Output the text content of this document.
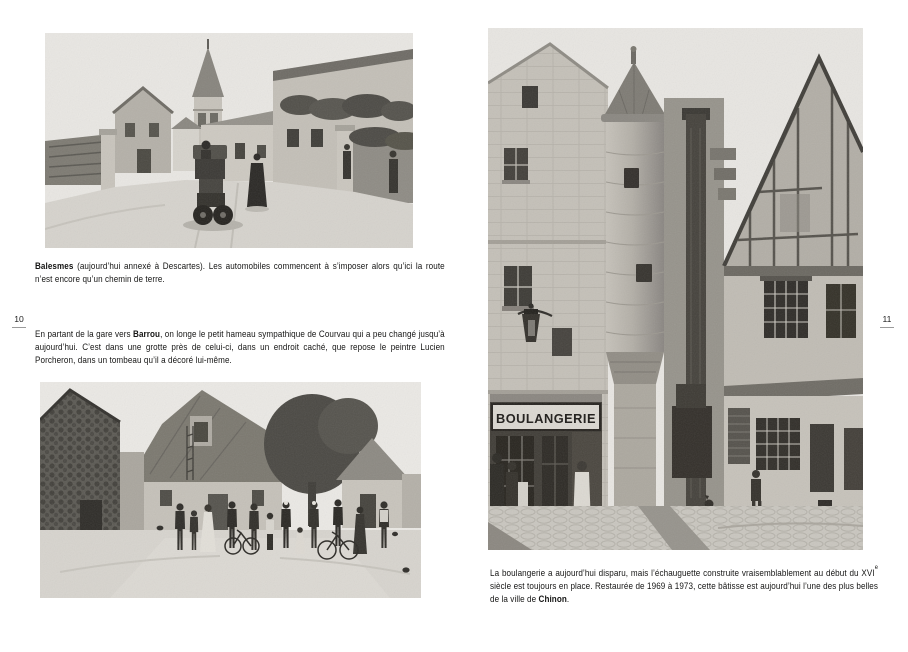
Balesmes (aujourd’hui annexé à Descartes). Les automobiles commencent à s’imposer alors qu’ici la route n’est encore qu’un chemin de terre.

10

En partant de la gare vers Barrou, on longe le petit hameau sympathique de Courvau qui a peu changé jusqu’à aujourd’hui. C’est dans une grotte près de celui-ci, dans un endroit caché, que repose le peintre Lucien Porcheron, dans un tombeau qu’il a décoré lui-même.

BOULANGERIE
11

La boulangerie a aujourd’hui disparu, mais l’échauguette construite vraisemblablement au début du XVIe siècle est toujours en place. Restaurée de 1969 à 1973, cette bâtisse est aujourd’hui l’une des plus belles de la ville de Chinon.
